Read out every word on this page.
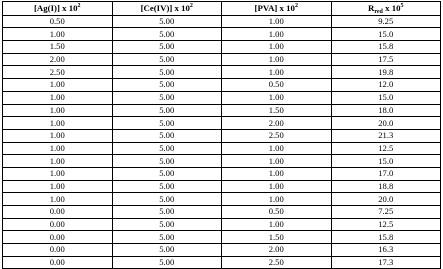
[Ag(I)] x $10^2$	[Ce(IV)] x $10^2$	[PVA] x $10^2$	$R_{red}$ x $10^5$
0.50	5.00	1.00	9.25
1.00	5.00	1.00	15.0
1.50	5.00	1.00	15.8
2.00	5.00	1.00	17.5
2.50	5.00	1.00	19.8
1.00	5.00	0.50	12.0
1.00	5.00	1.00	15.0
1.00	5.00	1.50	18.0
1.00	5.00	2.00	20.0
1.00	5.00	2.50	21.3
1.00	5.00	1.00	12.5
1.00	5.00	1.00	15.0
1.00	5.00	1.00	17.0
1.00	5.00	1.00	18.8
1.00	5.00	1.00	20.0
0.00	5.00	0.50	7.25
0.00	5.00	1.00	12.5
0.00	5.00	1.50	15.8
0.00	5.00	2.00	16.3
0.00	5.00	2.50	17.3
